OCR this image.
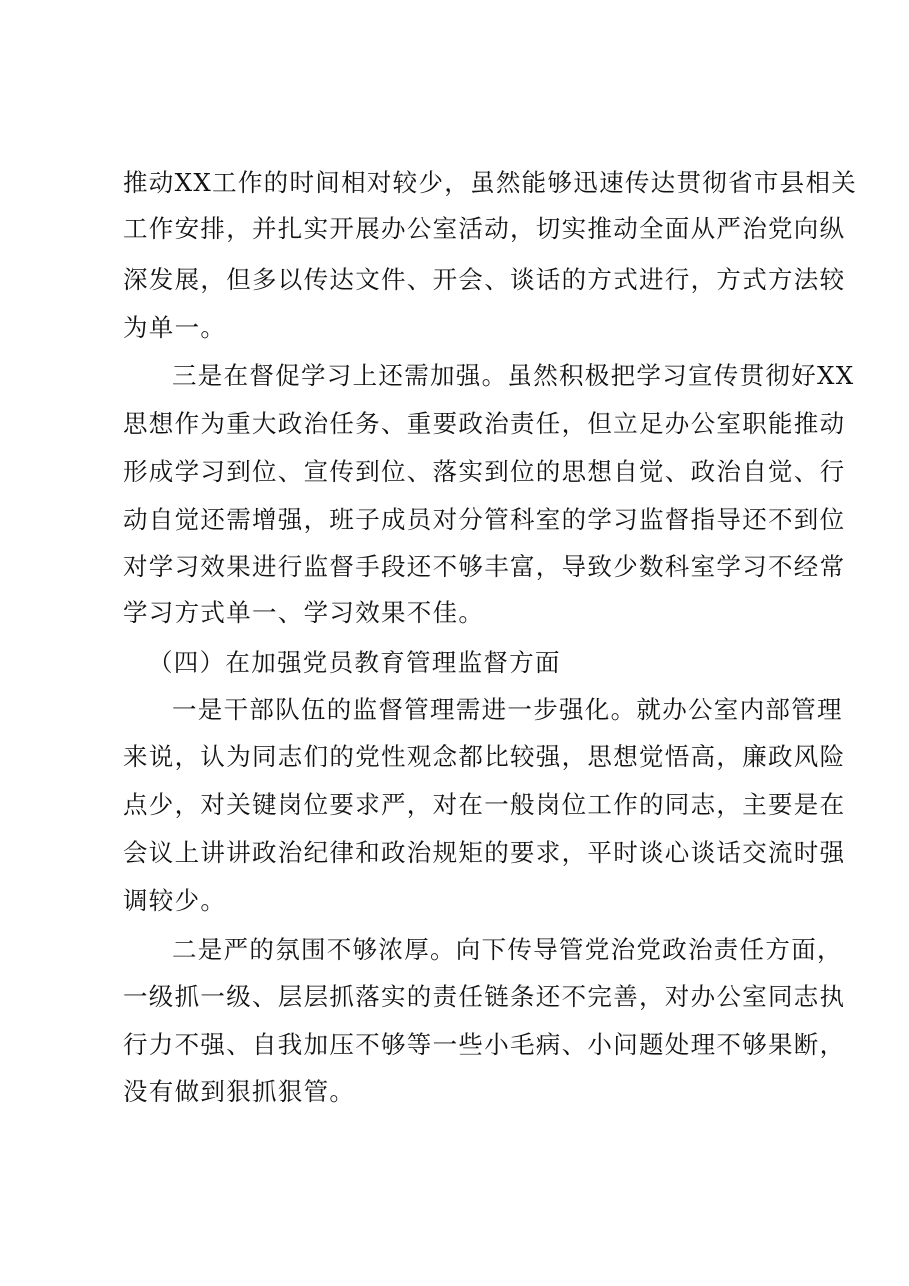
推动XX工作的时间相对较少，虽然能够迅速传达贯彻省市县相关
工作安排，并扎实开展办公室活动，切实推动全面从严治党向纵
深发展，但多以传达文件、开会、谈话的方式进行，方式方法较
为单一。
三是在督促学习上还需加强。虽然积极把学习宣传贯彻好XX
思想作为重大政治任务、重要政治责任，但立足办公室职能推动
形成学习到位、宣传到位、落实到位的思想自觉、政治自觉、行
动自觉还需增强，班子成员对分管科室的学习监督指导还不到位
对学习效果进行监督手段还不够丰富，导致少数科室学习不经常
学习方式单一、学习效果不佳。
（四）在加强党员教育管理监督方面
一是干部队伍的监督管理需进一步强化。就办公室内部管理
来说，认为同志们的党性观念都比较强，思想觉悟高，廉政风险
点少，对关键岗位要求严，对在一般岗位工作的同志，主要是在
会议上讲讲政治纪律和政治规矩的要求，平时谈心谈话交流时强
调较少。
二是严的氛围不够浓厚。向下传导管党治党政治责任方面，
一级抓一级、层层抓落实的责任链条还不完善，对办公室同志执
行力不强、自我加压不够等一些小毛病、小问题处理不够果断，
没有做到狠抓狠管。
